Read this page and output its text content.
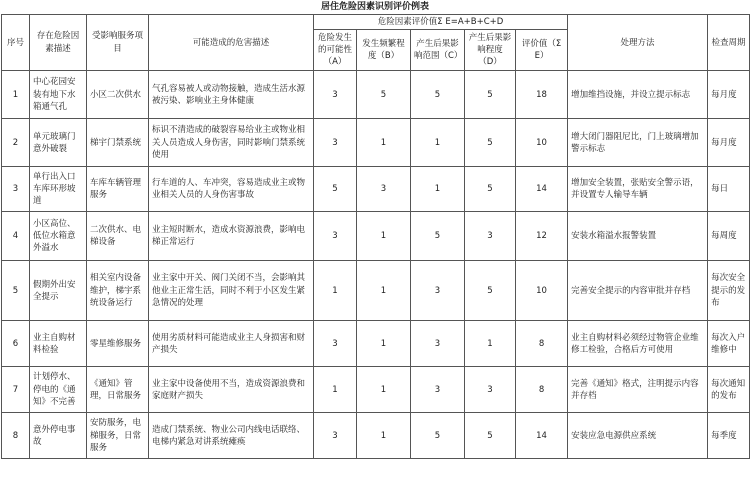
居住危险因素识别评价例表
序号	存在危险因素描述	受影响服务项目	可能造成的危害描述	危险因素评价值Σ E=A+B+C+D					处理方法	检查周期
				危险发生的可能性（A）	发生频繁程度（B）	产生后果影响范围（C）	产生后果影响程度（D）	评价值（ΣE）		
1	中心花园安装有地下水箱通气孔	小区二次供水	气孔容易被人或动物接触，造成生活水源被污染、影响业主身体健康	3	5	5	5	18	增加维挡设施，并设立提示标志	每月度
2	单元玻璃门意外破裂	梯宇门禁系统	标识不清造成的破裂容易给业主或物业相关人员造成人身伤害，同时影响门禁系统使用	3	1	1	5	10	增大闭门器阻尼比，门上玻璃增加警示标志	每月度
3	单行出入口车库环形坡道	车库车辆管理服务	行车道的人、车冲突，容易造成业主或物业相关人员的人身伤害事故	5	3	1	5	14	增加安全装置，张贴安全警示语，并设置专人输导车辆	每日
4	小区高位、低位水箱意外溢水	二次供水、电梯设备	业主短时断水，造成水资源浪费，影响电梯正常运行	3	1	5	3	12	安装水箱溢水报警装置	每周度
5	假期外出安全提示	相关室内设备维护，梯宇系统设备运行	业主家中开关、阀门关闭不当，会影响其他业主正常生活，同时不利于小区发生紧急情况的处理	1	1	3	5	10	完善安全提示的内容审批并存档	每次安全提示的发布
6	业主自购材料检验	零星维修服务	使用劣质材料可能造成业主人身损害和财产损失	3	1	3	1	8	业主自购材料必须经过物管企业维修工检验，合格后方可使用	每次入户维修中
7	计划停水、停电的《通知》不完善	《通知》管理，日常服务	业主家中设备使用不当，造成资源浪费和家庭财产损失	1	1	3	3	8	完善《通知》格式，注明提示内容并存档	每次通知的发布
8	意外停电事故	安防服务，电梯服务，日常服务	造成门禁系统、物业公司内线电话联络、电梯内紧急对讲系统瘫痪	3	1	5	5	14	安装应急电源供应系统	每季度
